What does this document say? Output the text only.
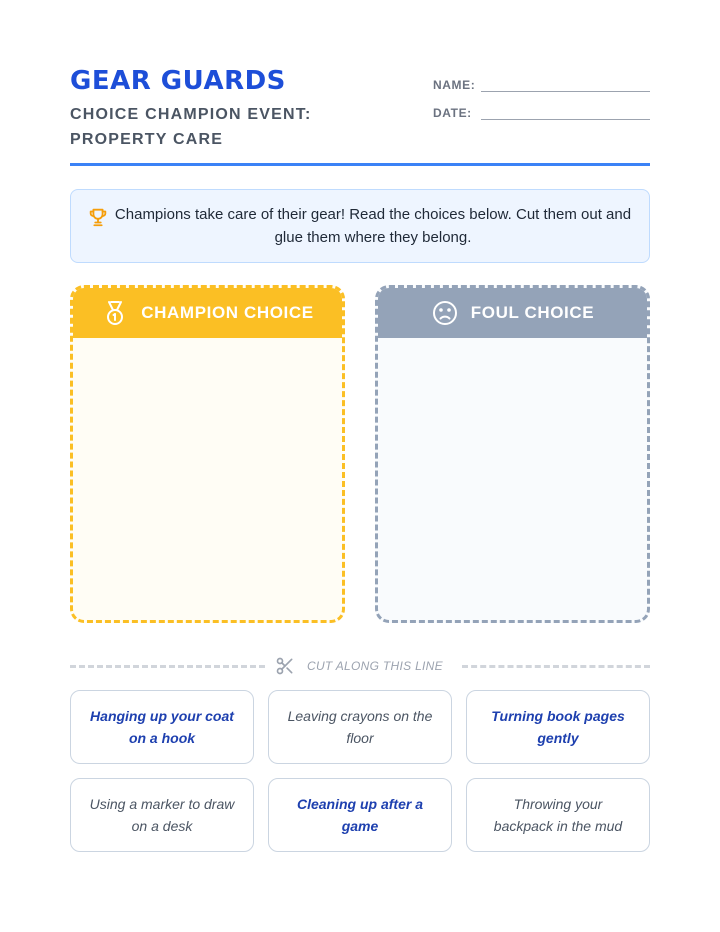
GEAR GUARDS
CHOICE CHAMPION EVENT: PROPERTY CARE
NAME:
DATE:
Champions take care of their gear! Read the choices below. Cut them out and glue them where they belong.
CHAMPION CHOICE	FOUL CHOICE
CUT ALONG THIS LINE
Hanging up your coat on a hook
Leaving crayons on the floor
Turning book pages gently
Using a marker to draw on a desk
Cleaning up after a game
Throwing your backpack in the mud
